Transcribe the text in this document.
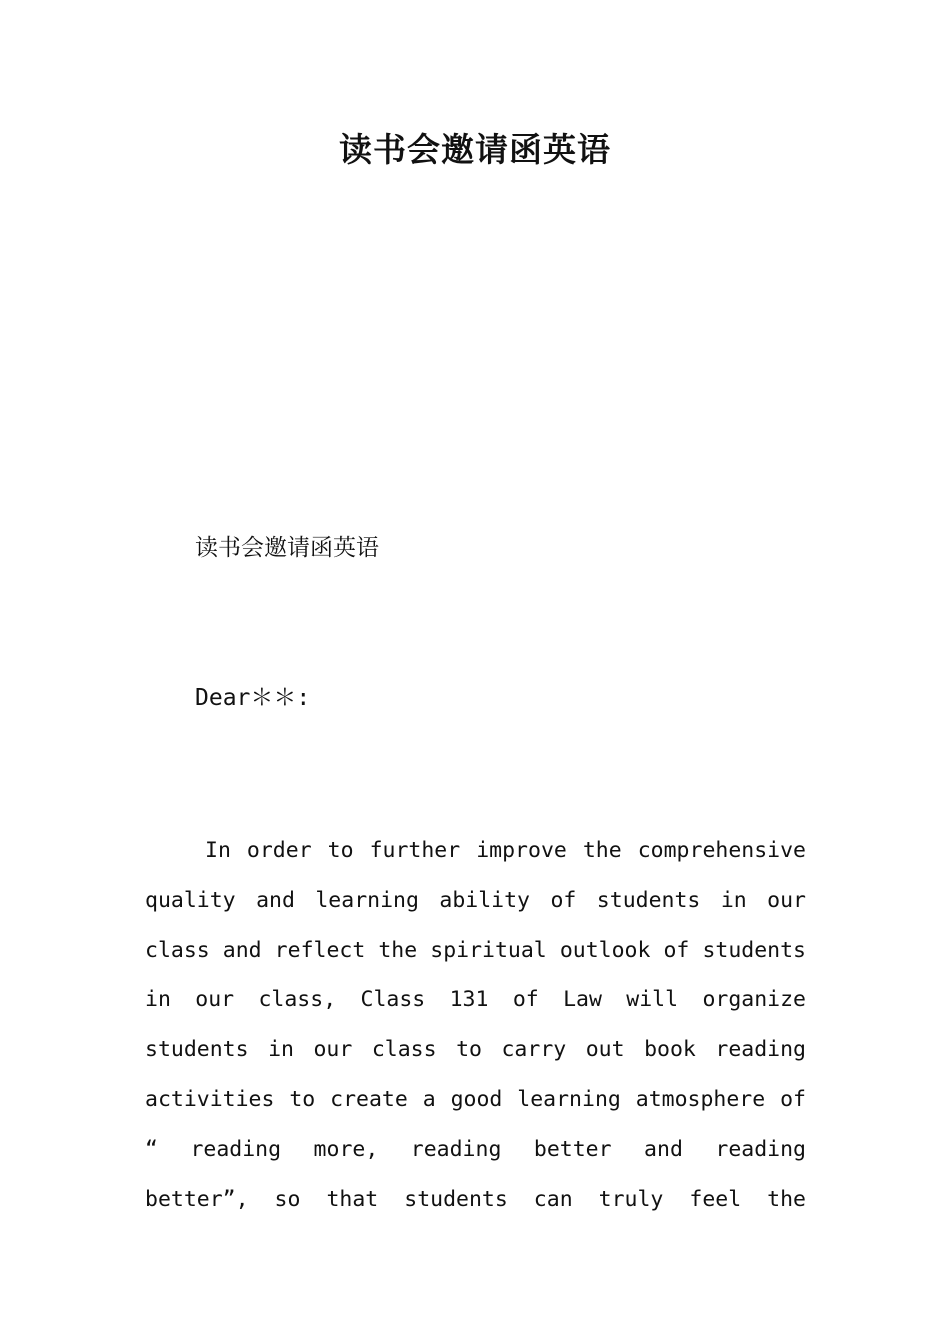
读书会邀请函英语

读书会邀请函英语

Dear＊＊:

In order to further improve the comprehensive
quality and learning ability of students in our
class and reflect the spiritual outlook of students
in our class, Class 131 of Law will organize
students in our class to carry out book reading
activities to create a good learning atmosphere of
“ reading more, reading better and reading
better”, so that students can truly feel the
